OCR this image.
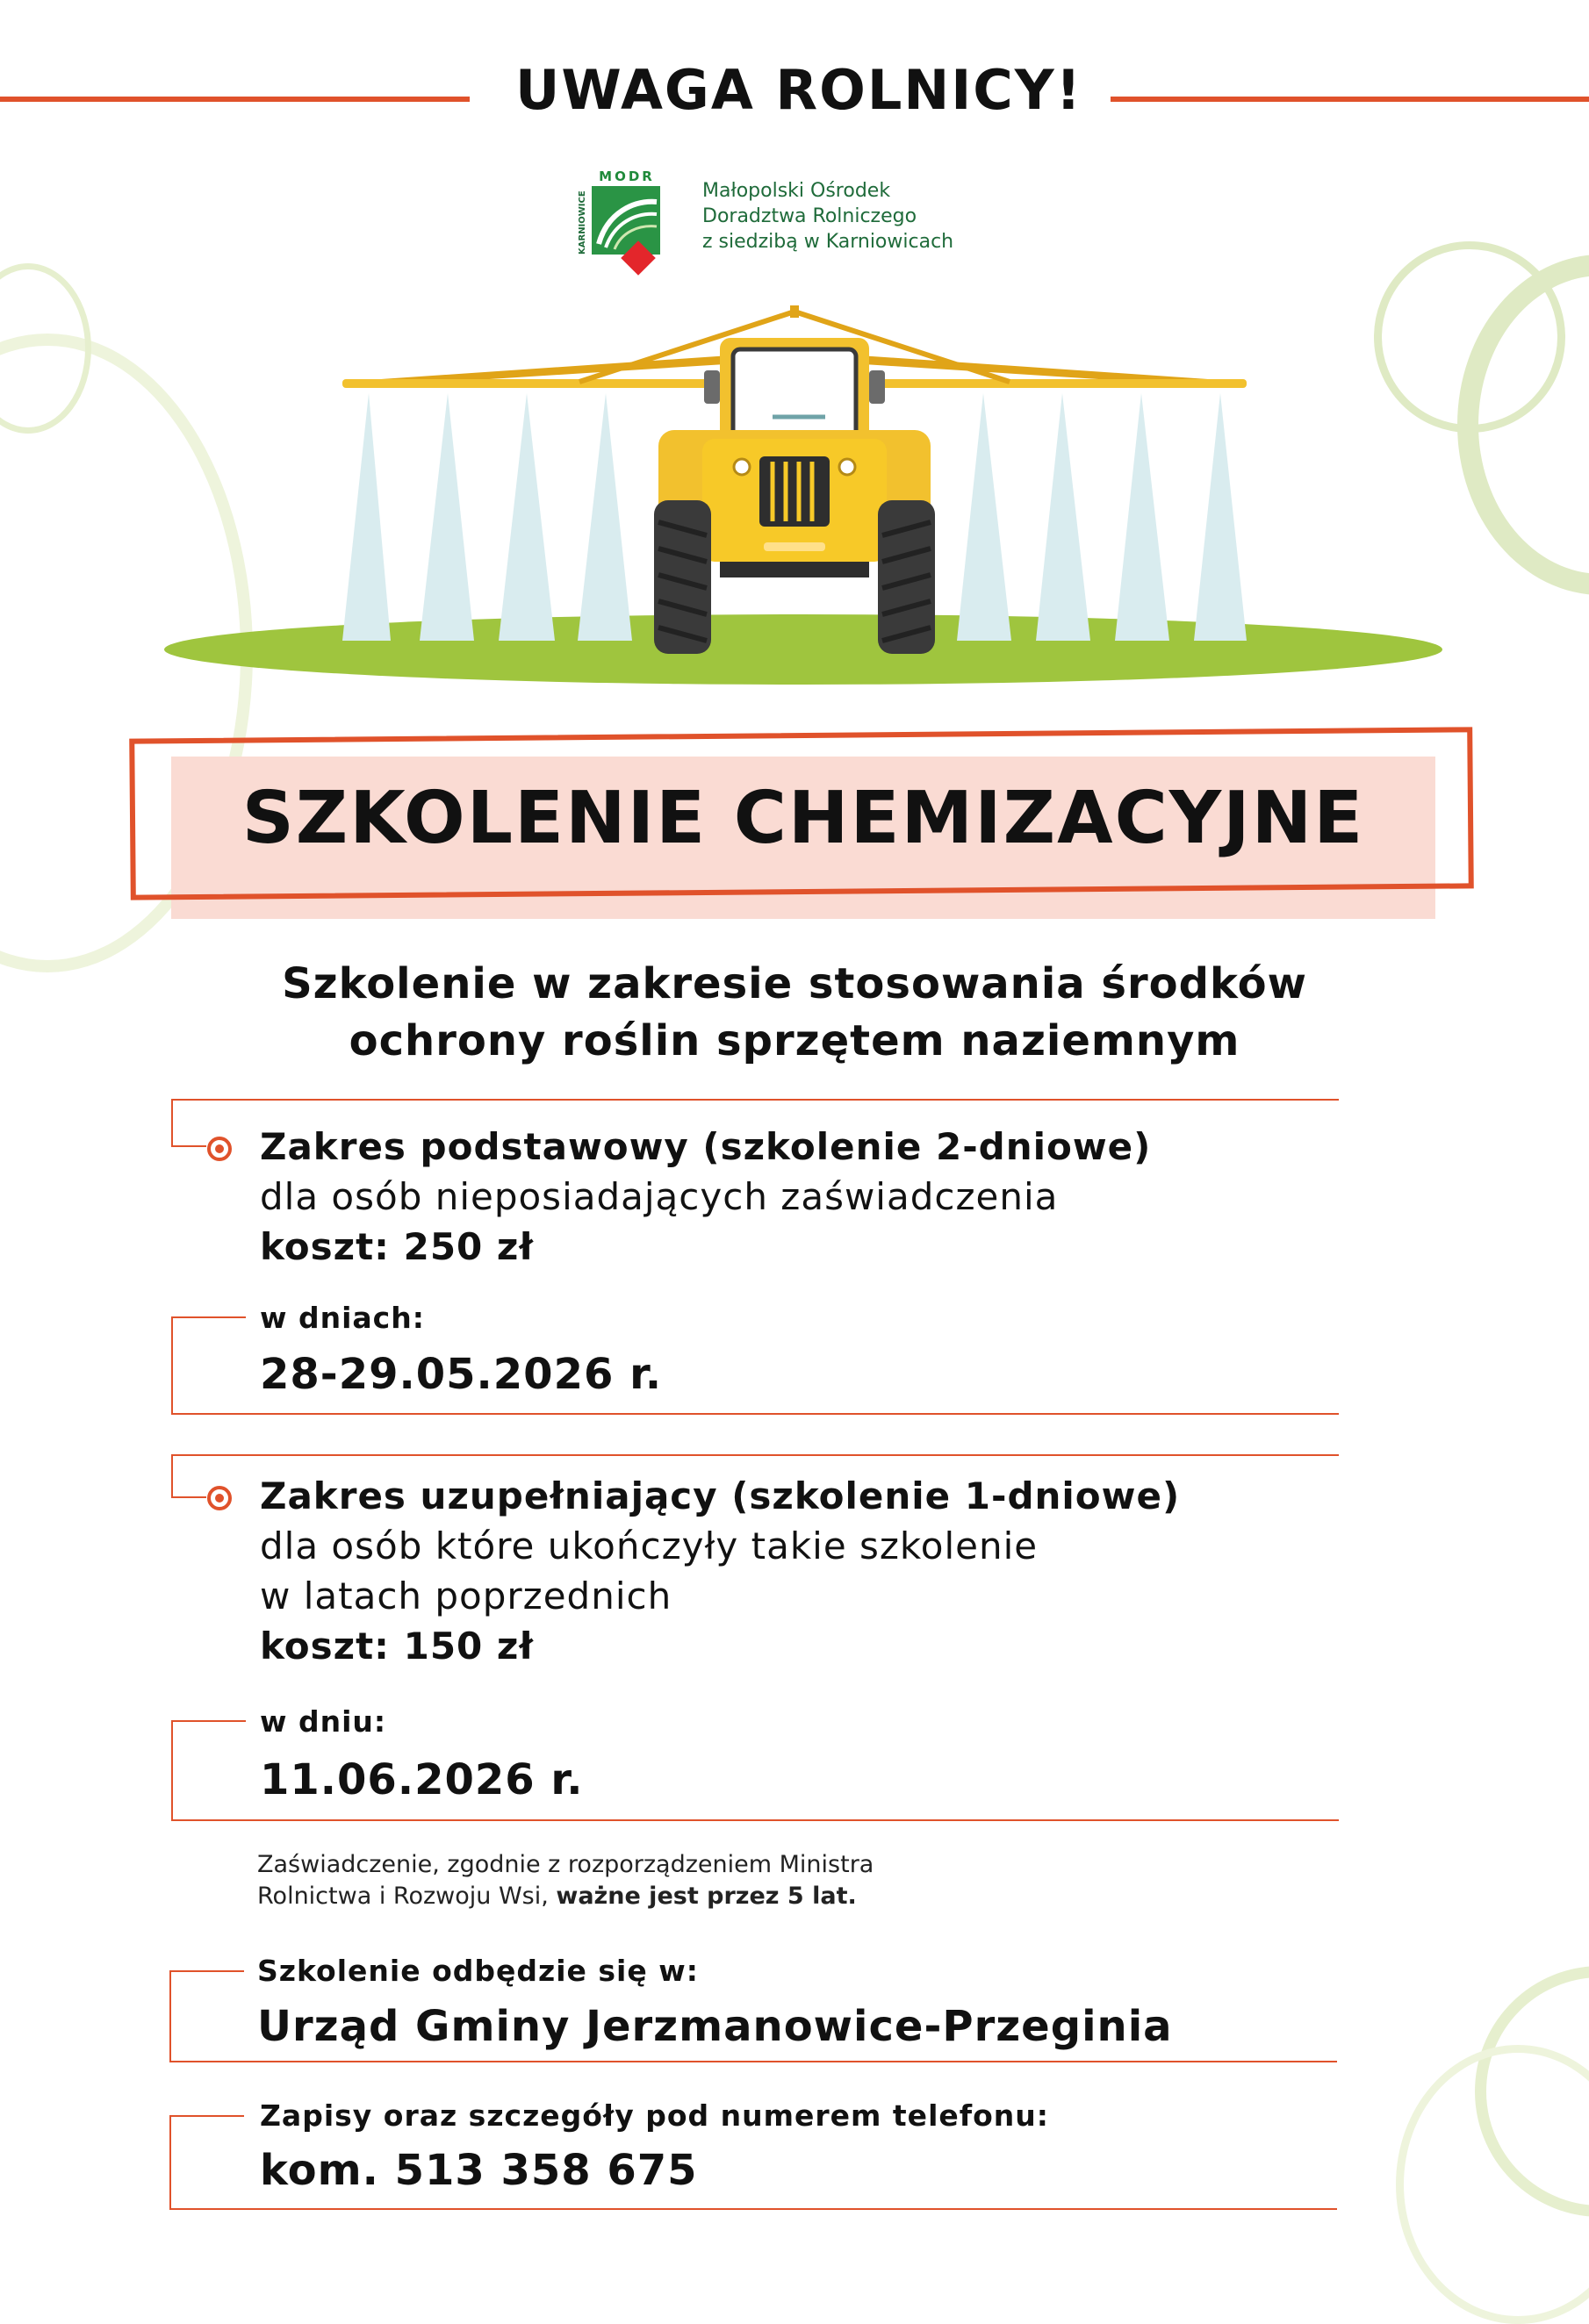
UWAGA ROLNICY!
KARNIOWICE
MODR
Małopolski Ośrodek
Doradztwa Rolniczego
z siedzibą w Karniowicach
SZKOLENIE CHEMIZACYJNE
Szkolenie w zakresie stosowania środków
ochrony roślin sprzętem naziemnym
Zakres podstawowy (szkolenie 2-dniowe)
dla osób nieposiadających zaświadczenia
koszt: 250 zł
w dniach:
28-29.05.2026 r.
Zakres uzupełniający (szkolenie 1-dniowe)
dla osób które ukończyły takie szkolenie
w latach poprzednich
koszt: 150 zł
w dniu:
11.06.2026 r.
Zaświadczenie, zgodnie z rozporządzeniem Ministra
Rolnictwa i Rozwoju Wsi, ważne jest przez 5 lat.
Szkolenie odbędzie się w:
Urząd Gminy Jerzmanowice-Przeginia
Zapisy oraz szczegóły pod numerem telefonu:
kom. 513 358 675
